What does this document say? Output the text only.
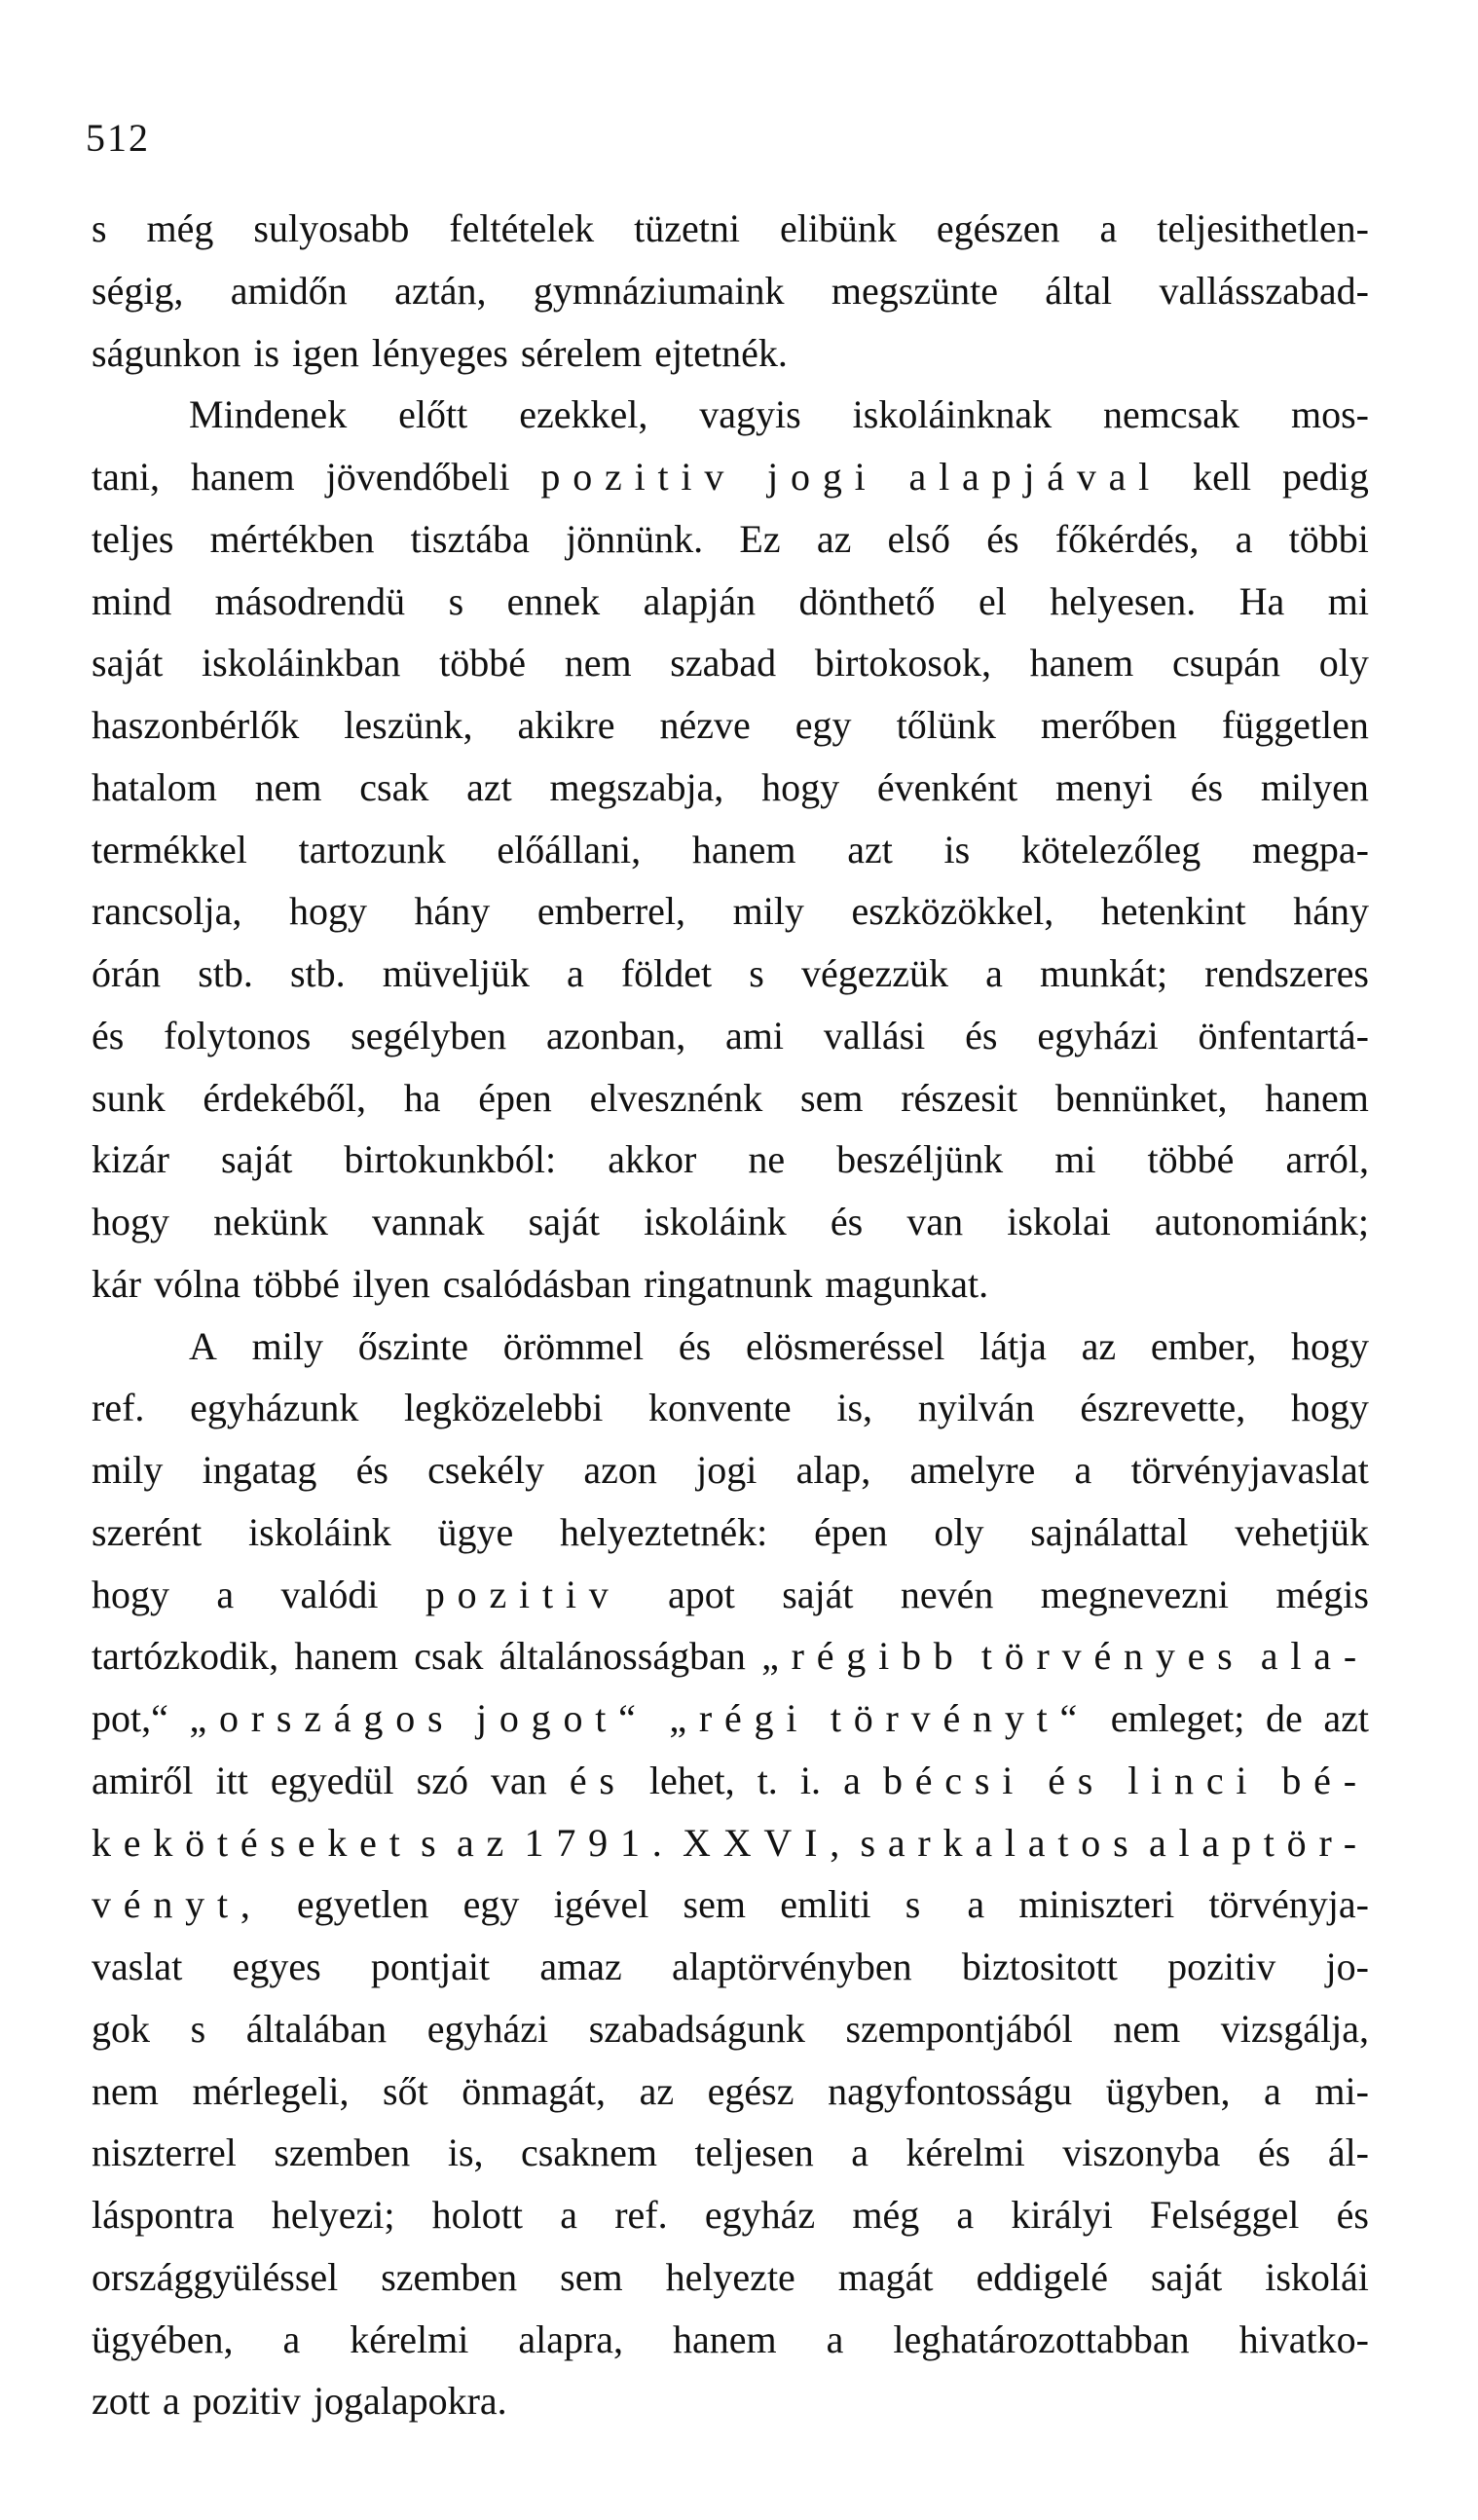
512
s még sulyosabb feltételek tüzetni elibünk egészen a teljesithetlen-
ségig, amidőn aztán, gymnáziumaink megszünte által vallásszabad-
ságunkon is igen lényeges sérelem ejtetnék.
Mindenek előtt ezekkel, vagyis iskoláinknak nemcsak mos-
tani, hanem jövendőbeli pozitiv jogi alapjával kell pedig
teljes mértékben tisztába jönnünk. Ez az első és főkérdés, a többi
mind másodrendü s ennek alapján dönthető el helyesen. Ha mi
saját iskoláinkban többé nem szabad birtokosok, hanem csupán oly
haszonbérlők leszünk, akikre nézve egy tőlünk merőben független
hatalom nem csak azt megszabja, hogy évenként menyi és milyen
termékkel tartozunk előállani, hanem azt is kötelezőleg megpa-
rancsolja, hogy hány emberrel, mily eszközökkel, hetenkint hány
órán stb. stb. müveljük a földet s végezzük a munkát; rendszeres
és folytonos segélyben azonban, ami vallási és egyházi önfentartá-
sunk érdekéből, ha épen elvesznénk sem részesit bennünket, hanem
kizár saját birtokunkból: akkor ne beszéljünk mi többé arról,
hogy nekünk vannak saját iskoláink és van iskolai autonomiánk;
kár vólna többé ilyen csalódásban ringatnunk magunkat.
A mily őszinte örömmel és elösmeréssel látja az ember, hogy
ref. egyházunk legközelebbi konvente is, nyilván észrevette, hogy
mily ingatag és csekély azon jogi alap, amelyre a törvényjavaslat
szerént iskoláink ügye helyeztetnék: épen oly sajnálattal vehetjük
hogy a valódi pozitiv apot saját nevén megnevezni mégis
tartózkodik, hanem csak általánosságban „régibb törvényes ala-
pot,“ „országos jogot“ „régi törvényt“ emleget; de azt
amiről itt egyedül szó van és lehet, t. i. a bécsi és linci bé-
kekötéseket s az 1791. XXVI, sarkalatos alaptör-
vényt, egyetlen egy igével sem emliti s a miniszteri törvényja-
vaslat egyes pontjait amaz alaptörvényben biztositott pozitiv jo-
gok s általában egyházi szabadságunk szempontjából nem vizsgálja,
nem mérlegeli, sőt önmagát, az egész nagyfontosságu ügyben, a mi-
niszterrel szemben is, csaknem teljesen a kérelmi viszonyba és ál-
láspontra helyezi; holott a ref. egyház még a királyi Felséggel és
országgyüléssel szemben sem helyezte magát eddigelé saját iskolái
ügyében, a kérelmi alapra, hanem a leghatározottabban hivatko-
zott a pozitiv jogalapokra.
